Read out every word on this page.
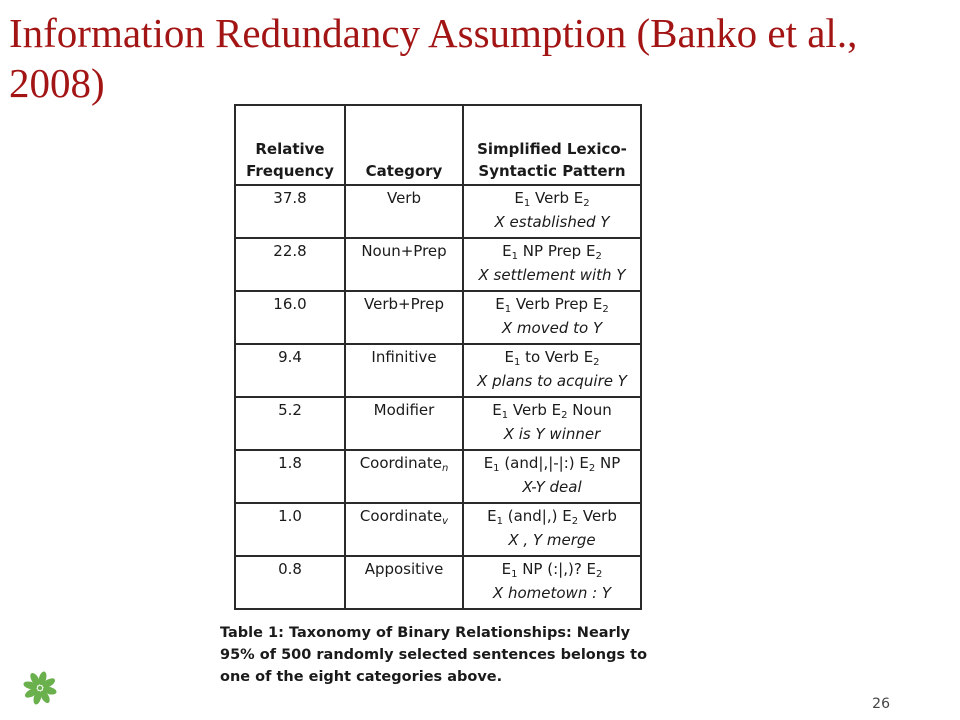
Information Redundancy Assumption (Banko et al., 2008)
Relative Frequency	Category	Simplified Lexico-Syntactic Pattern

37.8	Verb	$E_1$ Verb $E_2$
X established Y

22.8	Noun+Prep	$E_1$ NP Prep $E_2$
X settlement with Y

16.0	Verb+Prep	$E_1$ Verb Prep $E_2$
X moved to Y

9.4	Infinitive	$E_1$ to Verb $E_2$
X plans to acquire Y

5.2	Modifier	$E_1$ Verb $E_2$ Noun
X is Y winner

1.8	Coordinate$_n$	$E_1$ (and|,|-|:) $E_2$ NP
X-Y deal

1.0	Coordinate$_v$	$E_1$ (and|,) $E_2$ Verb
X , Y merge

0.8	Appositive	$E_1$ NP (:|,)? $E_2$
X hometown : Y

Table 1: Taxonomy of Binary Relationships: Nearly 95% of 500 randomly selected sentences belongs to one of the eight categories above.

26
